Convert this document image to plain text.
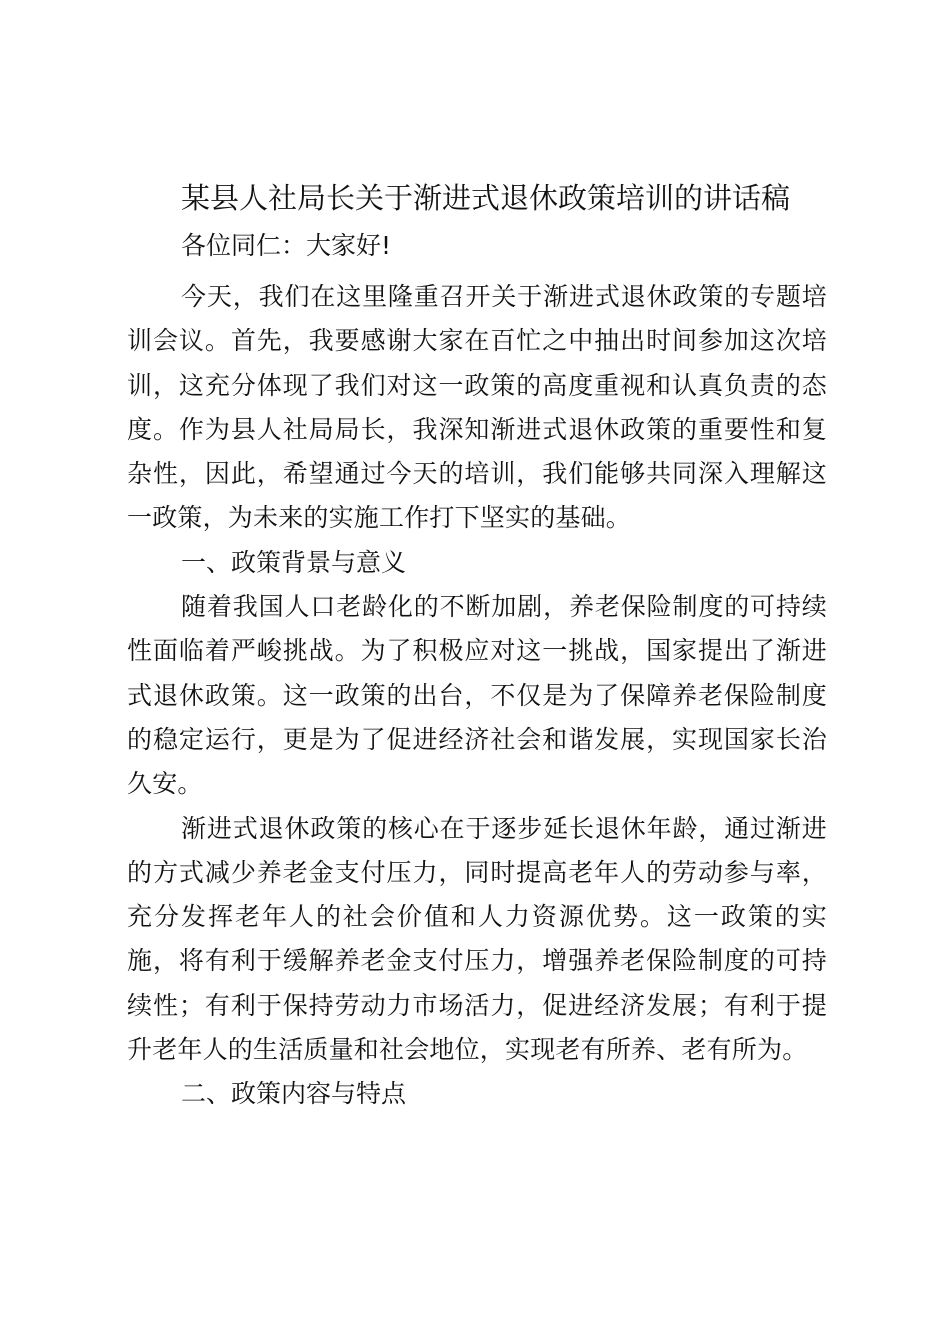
某县人社局长关于渐进式退休政策培训的讲话稿

各位同仁：大家好!

今天，我们在这里隆重召开关于渐进式退休政策的专题培训会议。首先，我要感谢大家在百忙之中抽出时间参加这次培训，这充分体现了我们对这一政策的高度重视和认真负责的态度。作为县人社局局长，我深知渐进式退休政策的重要性和复杂性，因此，希望通过今天的培训，我们能够共同深入理解这一政策，为未来的实施工作打下坚实的基础。

一、政策背景与意义

随着我国人口老龄化的不断加剧，养老保险制度的可持续性面临着严峻挑战。为了积极应对这一挑战，国家提出了渐进式退休政策。这一政策的出台，不仅是为了保障养老保险制度的稳定运行，更是为了促进经济社会和谐发展，实现国家长治久安。

渐进式退休政策的核心在于逐步延长退休年龄，通过渐进的方式减少养老金支付压力，同时提高老年人的劳动参与率，充分发挥老年人的社会价值和人力资源优势。这一政策的实施，将有利于缓解养老金支付压力，增强养老保险制度的可持续性；有利于保持劳动力市场活力，促进经济发展；有利于提升老年人的生活质量和社会地位，实现老有所养、老有所为。

二、政策内容与特点
